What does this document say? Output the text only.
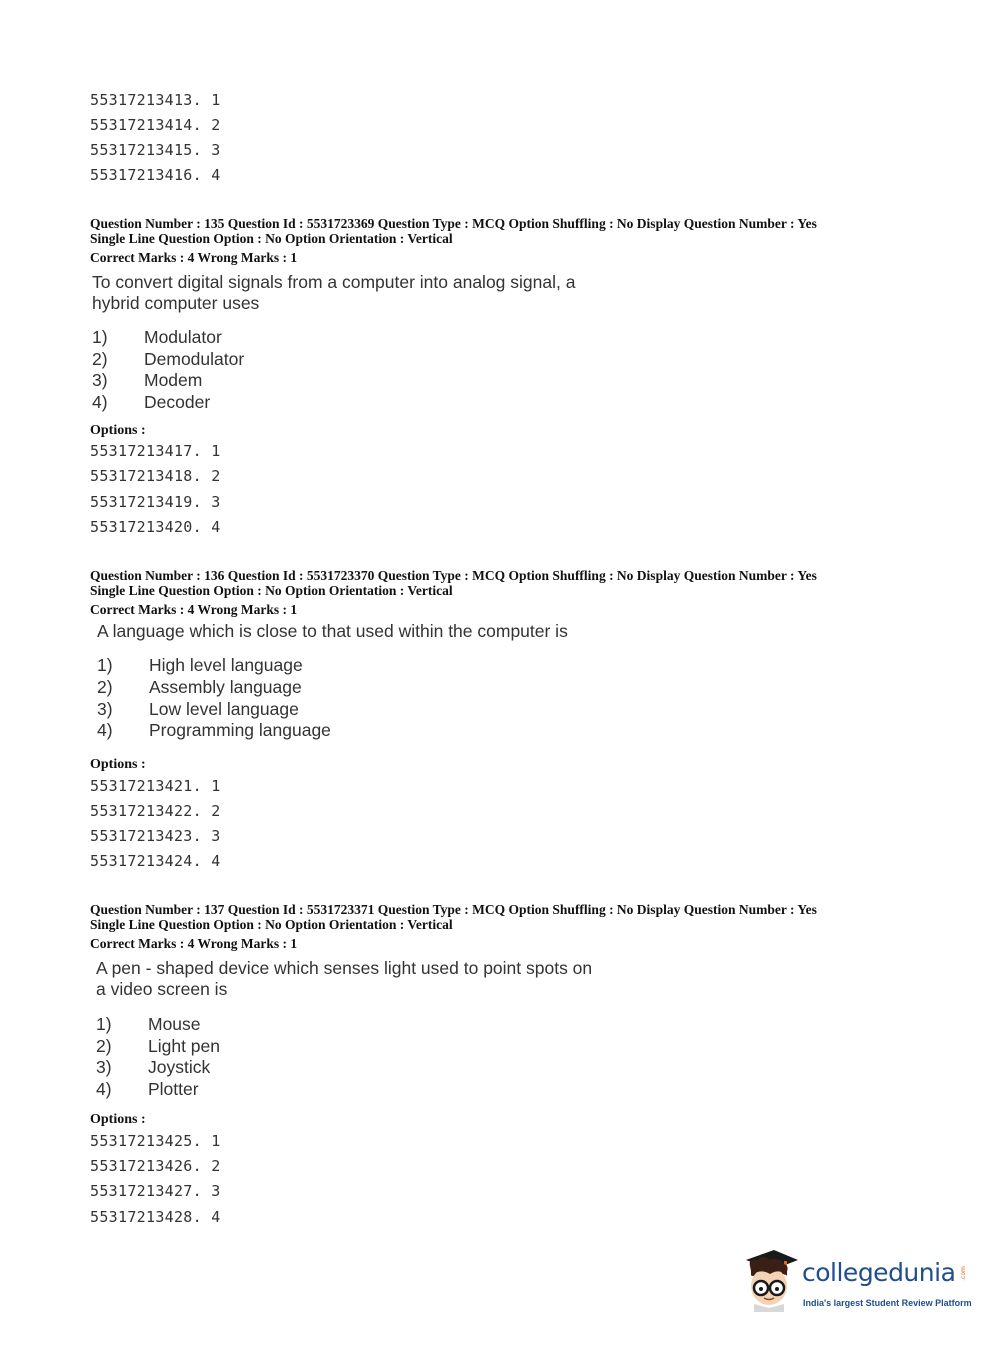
55317213413. 1
55317213414. 2
55317213415. 3
55317213416. 4
Question Number : 135 Question Id : 5531723369 Question Type : MCQ Option Shuffling : No Display Question Number : Yes
Single Line Question Option : No Option Orientation : Vertical
Correct Marks : 4 Wrong Marks : 1
To convert digital signals from a computer into analog signal, a
hybrid computer uses
1) Modulator
2) Demodulator
3) Modem
4) Decoder
Options :
55317213417. 1
55317213418. 2
55317213419. 3
55317213420. 4
Question Number : 136 Question Id : 5531723370 Question Type : MCQ Option Shuffling : No Display Question Number : Yes
Single Line Question Option : No Option Orientation : Vertical
Correct Marks : 4 Wrong Marks : 1
A language which is close to that used within the computer is
1) High level language
2) Assembly language
3) Low level language
4) Programming language
Options :
55317213421. 1
55317213422. 2
55317213423. 3
55317213424. 4
Question Number : 137 Question Id : 5531723371 Question Type : MCQ Option Shuffling : No Display Question Number : Yes
Single Line Question Option : No Option Orientation : Vertical
Correct Marks : 4 Wrong Marks : 1
A pen - shaped device which senses light used to point spots on
a video screen is
1) Mouse
2) Light pen
3) Joystick
4) Plotter
Options :
55317213425. 1
55317213426. 2
55317213427. 3
55317213428. 4
collegedunia .com
India's largest Student Review Platform
